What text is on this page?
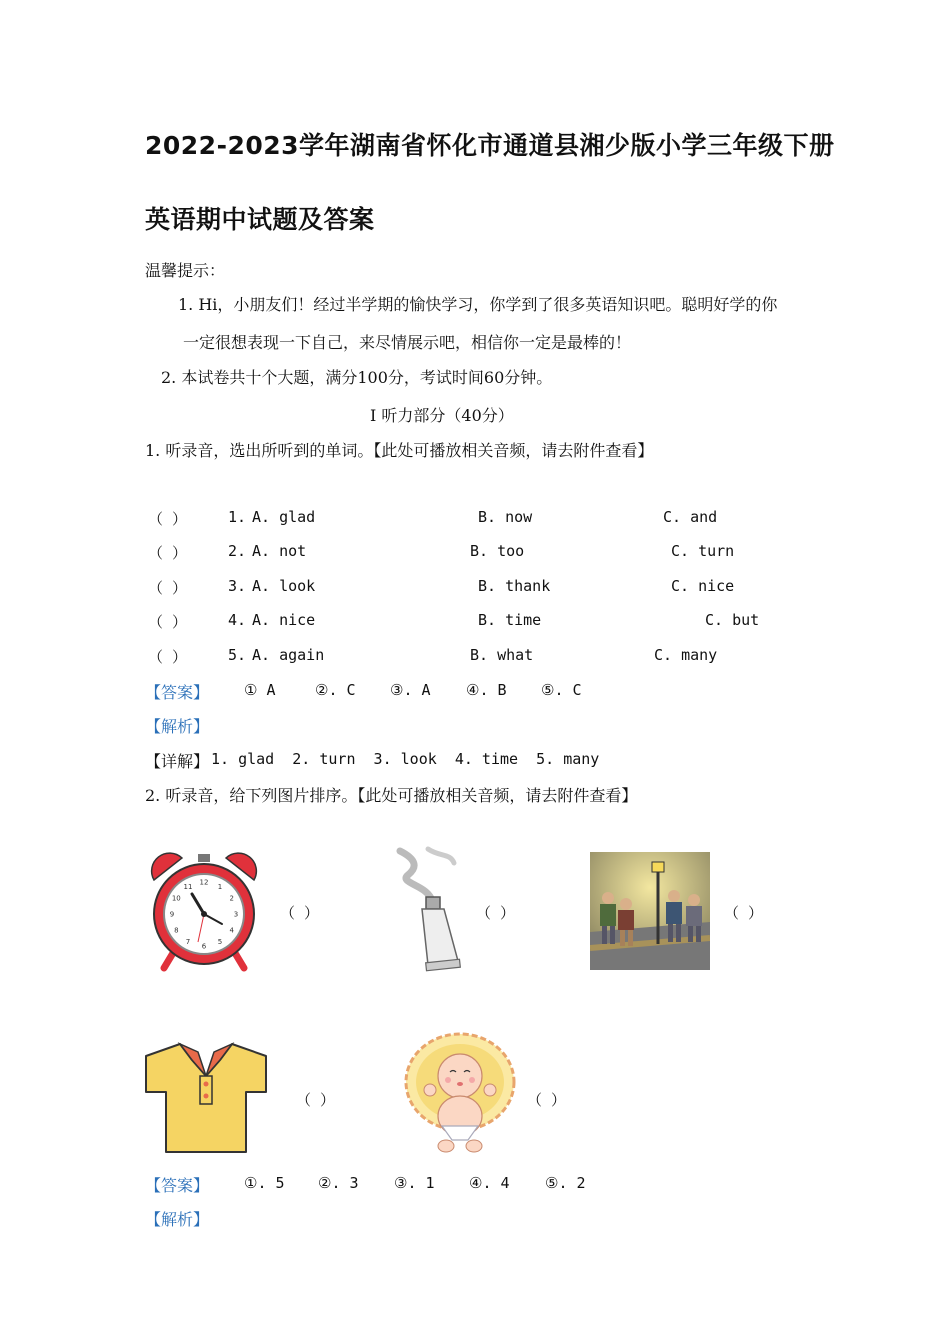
2022-2023学年湖南省怀化市通道县湘少版小学三年级下册
英语期中试题及答案
温馨提示：
1. Hi，小朋友们！经过半学期的愉快学习，你学到了很多英语知识吧。聪明好学的你
一定很想表现一下自己，来尽情展示吧，相信你一定是最棒的！
2. 本试卷共十个大题，满分100分，考试时间60分钟。
I 听力部分（40分）
1. 听录音，选出所听到的单词。【此处可播放相关音频，请去附件查看】
（ ）	1. A. glad	B. now	C. and
（ ）	2. A. not	B. too	C. turn
（ ）	3. A. look	B. thank	C. nice
（ ）	4. A. nice	B. time	C. but
（ ）	5. A. again	B. what	C. many
【答案】 ① A	②. C ③. A ④. B ⑤. C
【解析】
【详解】 1. glad  2. turn  3. look  4. time  5. many
2. 听录音，给下列图片排序。【此处可播放相关音频，请去附件查看】
12
1
2
3
4
5
6
7
8
9
10
11
（ ）	（ ）	（ ）
（ ）	（ ）
【答案】 ①. 5 ②. 3 ③. 1 ④. 4 ⑤. 2
【解析】
